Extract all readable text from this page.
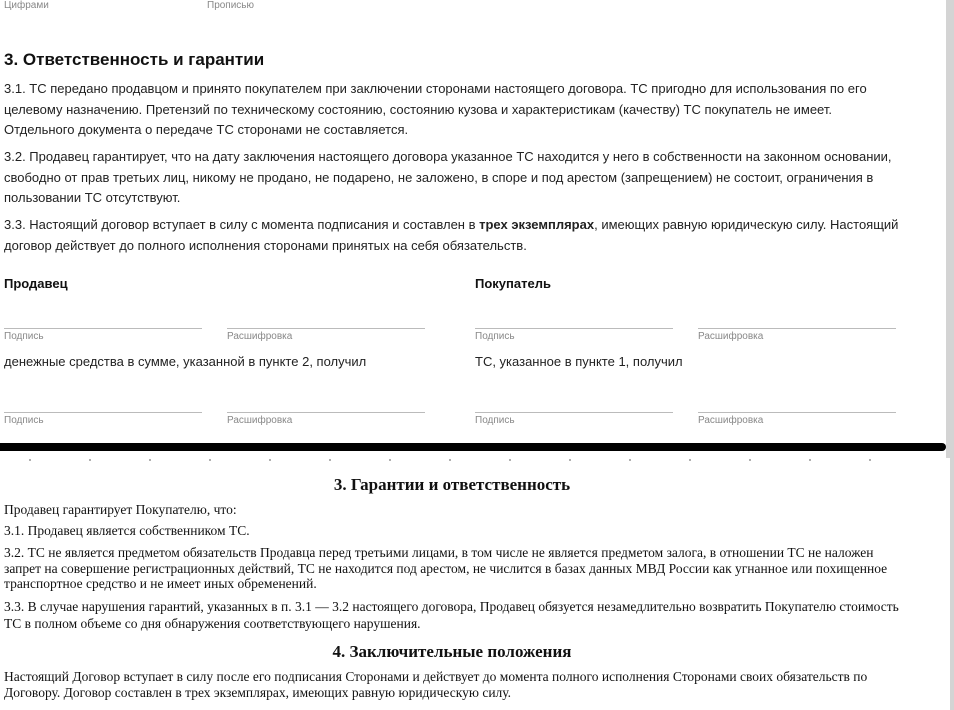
Цифрами	Прописью
3. Ответственность и гарантии

3.1. ТС передано продавцом и принято покупателем при заключении сторонами настоящего договора. ТС пригодно для использования по его целевому назначению. Претензий по техническому состоянию, состоянию кузова и характеристикам (качеству) ТС покупатель не имеет. Отдельного документа о передаче ТС сторонами не составляется.

3.2. Продавец гарантирует, что на дату заключения настоящего договора указанное ТС находится у него в собственности на законном основании, свободно от прав третьих лиц, никому не продано, не подарено, не заложено, в споре и под арестом (запрещением) не состоит, ограничения в пользовании ТС отсутствуют.

3.3. Настоящий договор вступает в силу с момента подписания и составлен в трех экземплярах, имеющих равную юридическую силу. Настоящий договор действует до полного исполнения сторонами принятых на себя обязательств.

Продавец	Покупатель
Подпись	Расшифровка	Подпись	Расшифровка
денежные средства в сумме, указанной в пункте 2, получил	ТС, указанное в пункте 1, получил
Подпись	Расшифровка	Подпись	Расшифровка
3. Гарантии и ответственность

Продавец гарантирует Покупателю, что:

3.1. Продавец является собственником ТС.

3.2. ТС не является предметом обязательств Продавца перед третьими лицами, в том числе не является предметом залога, в отношении ТС не наложен запрет на совершение регистрационных действий, ТС не находится под арестом, не числится в базах данных МВД России как угнанное или похищенное транспортное средство и не имеет иных обременений.

3.3. В случае нарушения гарантий, указанных в п. 3.1 — 3.2 настоящего договора, Продавец обязуется незамедлительно возвратить Покупателю стоимость ТС в полном объеме со дня обнаружения соответствующего нарушения.

4. Заключительные положения

Настоящий Договор вступает в силу после его подписания Сторонами и действует до момента полного исполнения Сторонами своих обязательств по Договору. Договор составлен в трех экземплярах, имеющих равную юридическую силу.
